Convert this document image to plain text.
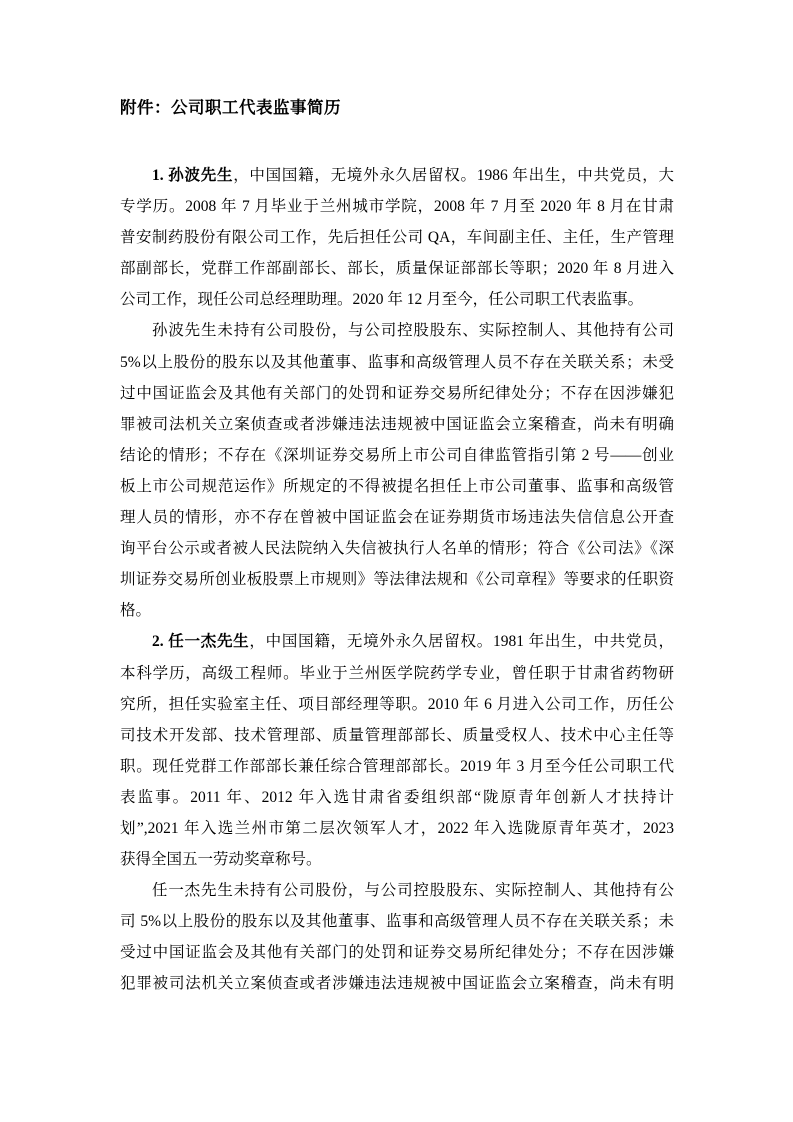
附件：公司职工代表监事简历
1. 孙波先生，中国国籍，无境外永久居留权。1986 年出生，中共党员，大
专学历。2008 年 7 月毕业于兰州城市学院，2008 年 7 月至 2020 年 8 月在甘肃
普安制药股份有限公司工作，先后担任公司 QA，车间副主任、主任，生产管理
部副部长，党群工作部副部长、部长，质量保证部部长等职；2020 年 8 月进入
公司工作，现任公司总经理助理。2020 年 12 月至今，任公司职工代表监事。
孙波先生未持有公司股份，与公司控股股东、实际控制人、其他持有公司
5%以上股份的股东以及其他董事、监事和高级管理人员不存在关联关系；未受
过中国证监会及其他有关部门的处罚和证券交易所纪律处分；不存在因涉嫌犯
罪被司法机关立案侦查或者涉嫌违法违规被中国证监会立案稽查，尚未有明确
结论的情形；不存在《深圳证券交易所上市公司自律监管指引第 2 号——创业
板上市公司规范运作》所规定的不得被提名担任上市公司董事、监事和高级管
理人员的情形，亦不存在曾被中国证监会在证券期货市场违法失信信息公开查
询平台公示或者被人民法院纳入失信被执行人名单的情形；符合《公司法》《深
圳证券交易所创业板股票上市规则》等法律法规和《公司章程》等要求的任职资
格。
2. 任一杰先生，中国国籍，无境外永久居留权。1981 年出生，中共党员，
本科学历，高级工程师。毕业于兰州医学院药学专业，曾任职于甘肃省药物研
究所，担任实验室主任、项目部经理等职。2010 年 6 月进入公司工作，历任公
司技术开发部、技术管理部、质量管理部部长、质量受权人、技术中心主任等
职。现任党群工作部部长兼任综合管理部部长。2019 年 3 月至今任公司职工代
表监事。2011 年、2012 年入选甘肃省委组织部“陇原青年创新人才扶持计
划”,2021 年入选兰州市第二层次领军人才，2022 年入选陇原青年英才，2023
获得全国五一劳动奖章称号。
任一杰先生未持有公司股份，与公司控股股东、实际控制人、其他持有公
司 5%以上股份的股东以及其他董事、监事和高级管理人员不存在关联关系；未
受过中国证监会及其他有关部门的处罚和证券交易所纪律处分；不存在因涉嫌
犯罪被司法机关立案侦查或者涉嫌违法违规被中国证监会立案稽查，尚未有明
